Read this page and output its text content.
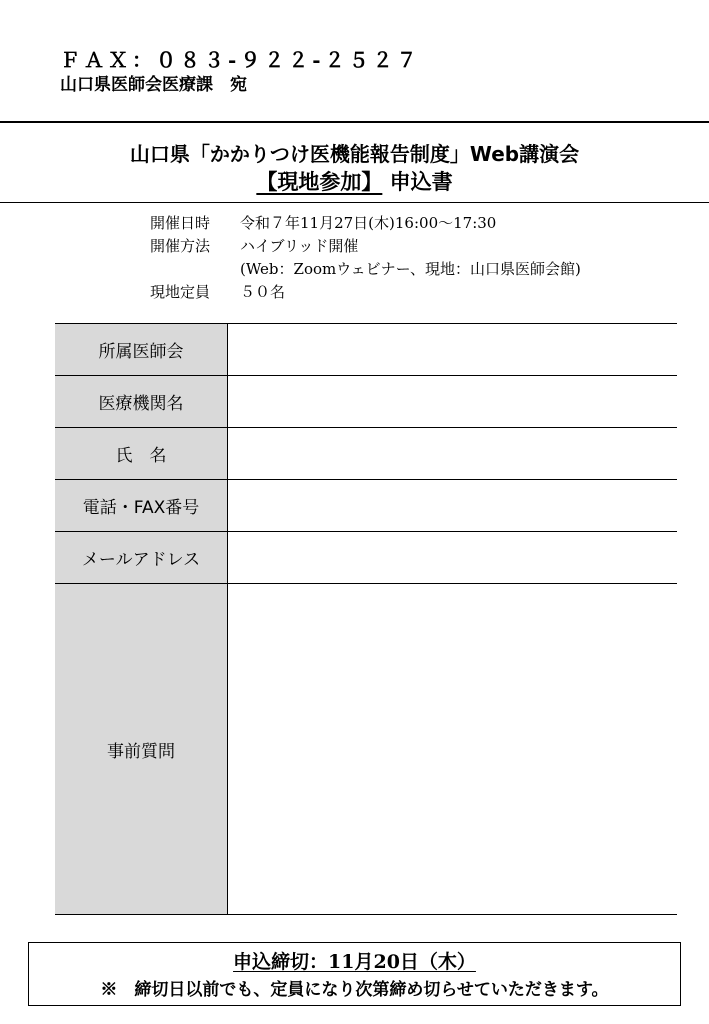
ＦＡＸ：０８３-９２２-２５２７
山口県医師会医療課　宛
山口県「かかりつけ医機能報告制度」Web講演会
【現地参加】 申込書
開催日時	令和７年11月27日(木)16:00～17:30
開催方法	ハイブリッド開催
(Web：Zoomウェビナー、現地：山口県医師会館)
現地定員	５０名
所属医師会	
医療機関名	
氏　名	
電話・FAX番号	
メールアドレス	
事前質問	
申込締切：11月20日（木）
※　締切日以前でも、定員になり次第締め切らせていただきます。
